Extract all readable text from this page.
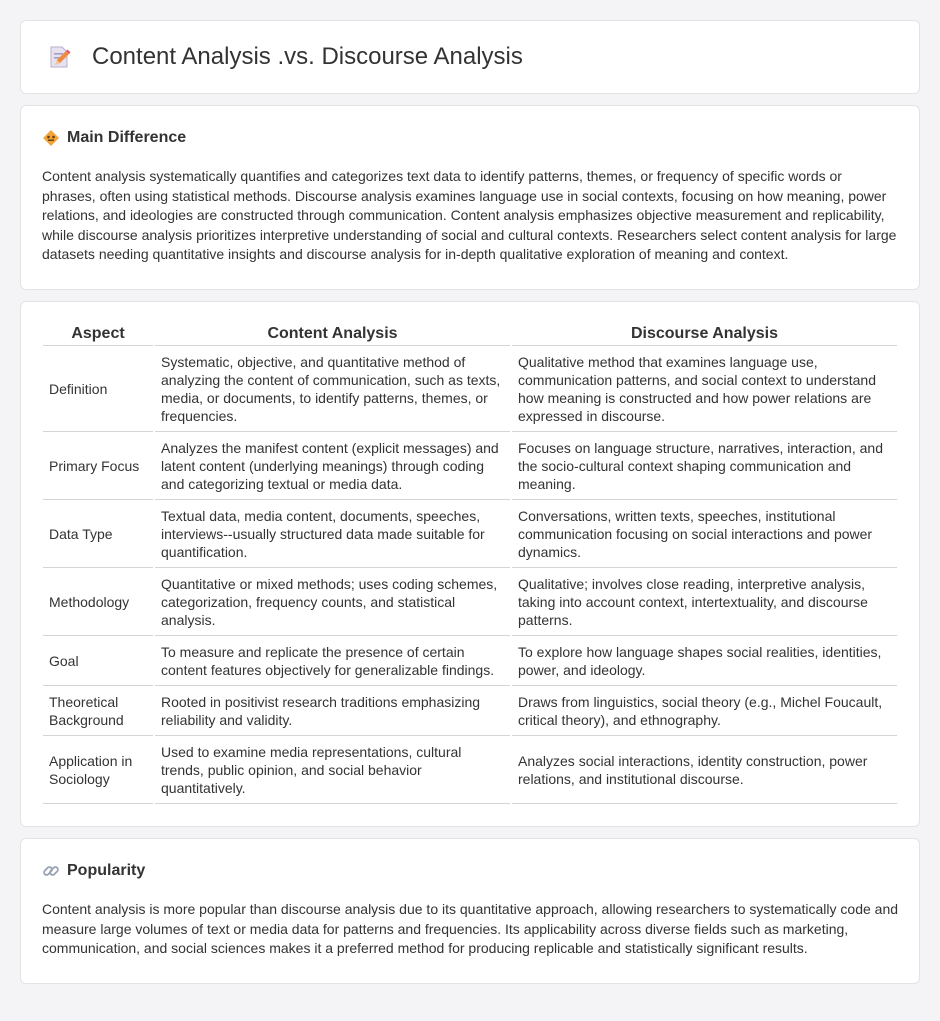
Content Analysis .vs. Discourse Analysis
Main Difference

Content analysis systematically quantifies and categorizes text data to identify patterns, themes, or frequency of specific words or phrases, often using statistical methods. Discourse analysis examines language use in social contexts, focusing on how meaning, power relations, and ideologies are constructed through communication. Content analysis emphasizes objective measurement and replicability, while discourse analysis prioritizes interpretive understanding of social and cultural contexts. Researchers select content analysis for large datasets needing quantitative insights and discourse analysis for in-depth qualitative exploration of meaning and context.

Aspect	Content Analysis	Discourse Analysis
Definition	Systematic, objective, and quantitative method of analyzing the content of communication, such as texts, media, or documents, to identify patterns, themes, or frequencies.	Qualitative method that examines language use, communication patterns, and social context to understand how meaning is constructed and how power relations are expressed in discourse.
Primary Focus	Analyzes the manifest content (explicit messages) and latent content (underlying meanings) through coding and categorizing textual or media data.	Focuses on language structure, narratives, interaction, and the socio-cultural context shaping communication and meaning.
Data Type	Textual data, media content, documents, speeches, interviews--usually structured data made suitable for quantification.	Conversations, written texts, speeches, institutional communication focusing on social interactions and power dynamics.
Methodology	Quantitative or mixed methods; uses coding schemes, categorization, frequency counts, and statistical analysis.	Qualitative; involves close reading, interpretive analysis, taking into account context, intertextuality, and discourse patterns.
Goal	To measure and replicate the presence of certain content features objectively for generalizable findings.	To explore how language shapes social realities, identities, power, and ideology.
Theoretical Background	Rooted in positivist research traditions emphasizing reliability and validity.	Draws from linguistics, social theory (e.g., Michel Foucault, critical theory), and ethnography.
Application in Sociology	Used to examine media representations, cultural trends, public opinion, and social behavior quantitatively.	Analyzes social interactions, identity construction, power relations, and institutional discourse.
Popularity

Content analysis is more popular than discourse analysis due to its quantitative approach, allowing researchers to systematically code and measure large volumes of text or media data for patterns and frequencies. Its applicability across diverse fields such as marketing, communication, and social sciences makes it a preferred method for producing replicable and statistically significant results.
